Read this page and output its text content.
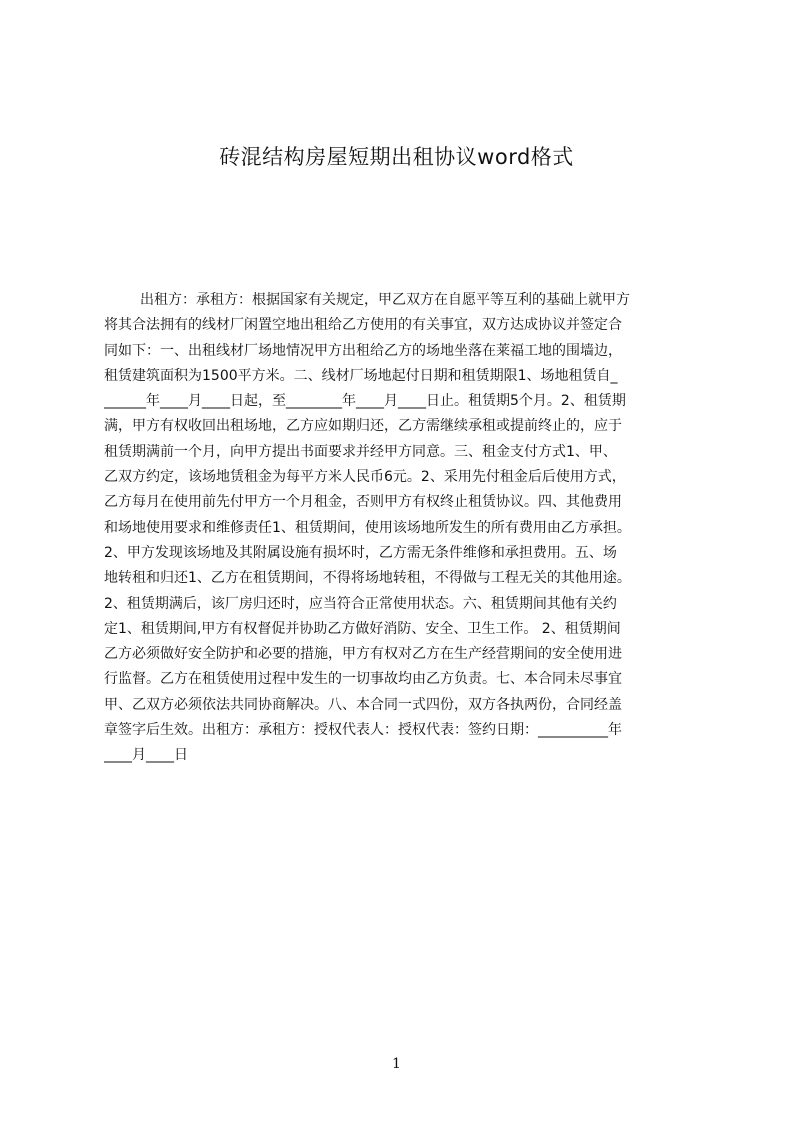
砖混结构房屋短期出租协议word格式
出租方：承租方：根据国家有关规定，甲乙双方在自愿平等互利的基础上就甲方
将其合法拥有的线材厂闲置空地出租给乙方使用的有关事宜，双方达成协议并签定合
同如下：一、出租线材厂场地情况甲方出租给乙方的场地坐落在莱福工地的围墙边，
租赁建筑面积为1500平方米。二、线材厂场地起付日期和租赁期限1、场地租赁自_
______年____月____日起，至________年____月____日止。租赁期5个月。2、租赁期
满，甲方有权收回出租场地，乙方应如期归还，乙方需继续承租或提前终止的，应于
租赁期满前一个月，向甲方提出书面要求并经甲方同意。三、租金支付方式1、甲、
乙双方约定，该场地赁租金为每平方米人民币6元。2、采用先付租金后后使用方式，
乙方每月在使用前先付甲方一个月租金，否则甲方有权终止租赁协议。四、其他费用
和场地使用要求和维修责任1、租赁期间，使用该场地所发生的所有费用由乙方承担。
2、甲方发现该场地及其附属设施有损坏时，乙方需无条件维修和承担费用。五、场
地转租和归还1、乙方在租赁期间，不得将场地转租，不得做与工程无关的其他用途。
2、租赁期满后，该厂房归还时，应当符合正常使用状态。六、租赁期间其他有关约
定1、租赁期间,甲方有权督促并协助乙方做好消防、安全、卫生工作。 2、租赁期间
乙方必须做好安全防护和必要的措施，甲方有权对乙方在生产经营期间的安全使用进
行监督。乙方在租赁使用过程中发生的一切事故均由乙方负责。七、本合同未尽事宜
甲、乙双方必须依法共同协商解决。八、本合同一式四份，双方各执两份，合同经盖
章签字后生效。出租方：承租方：授权代表人：授权代表：签约日期：__________年
____月____日
1
